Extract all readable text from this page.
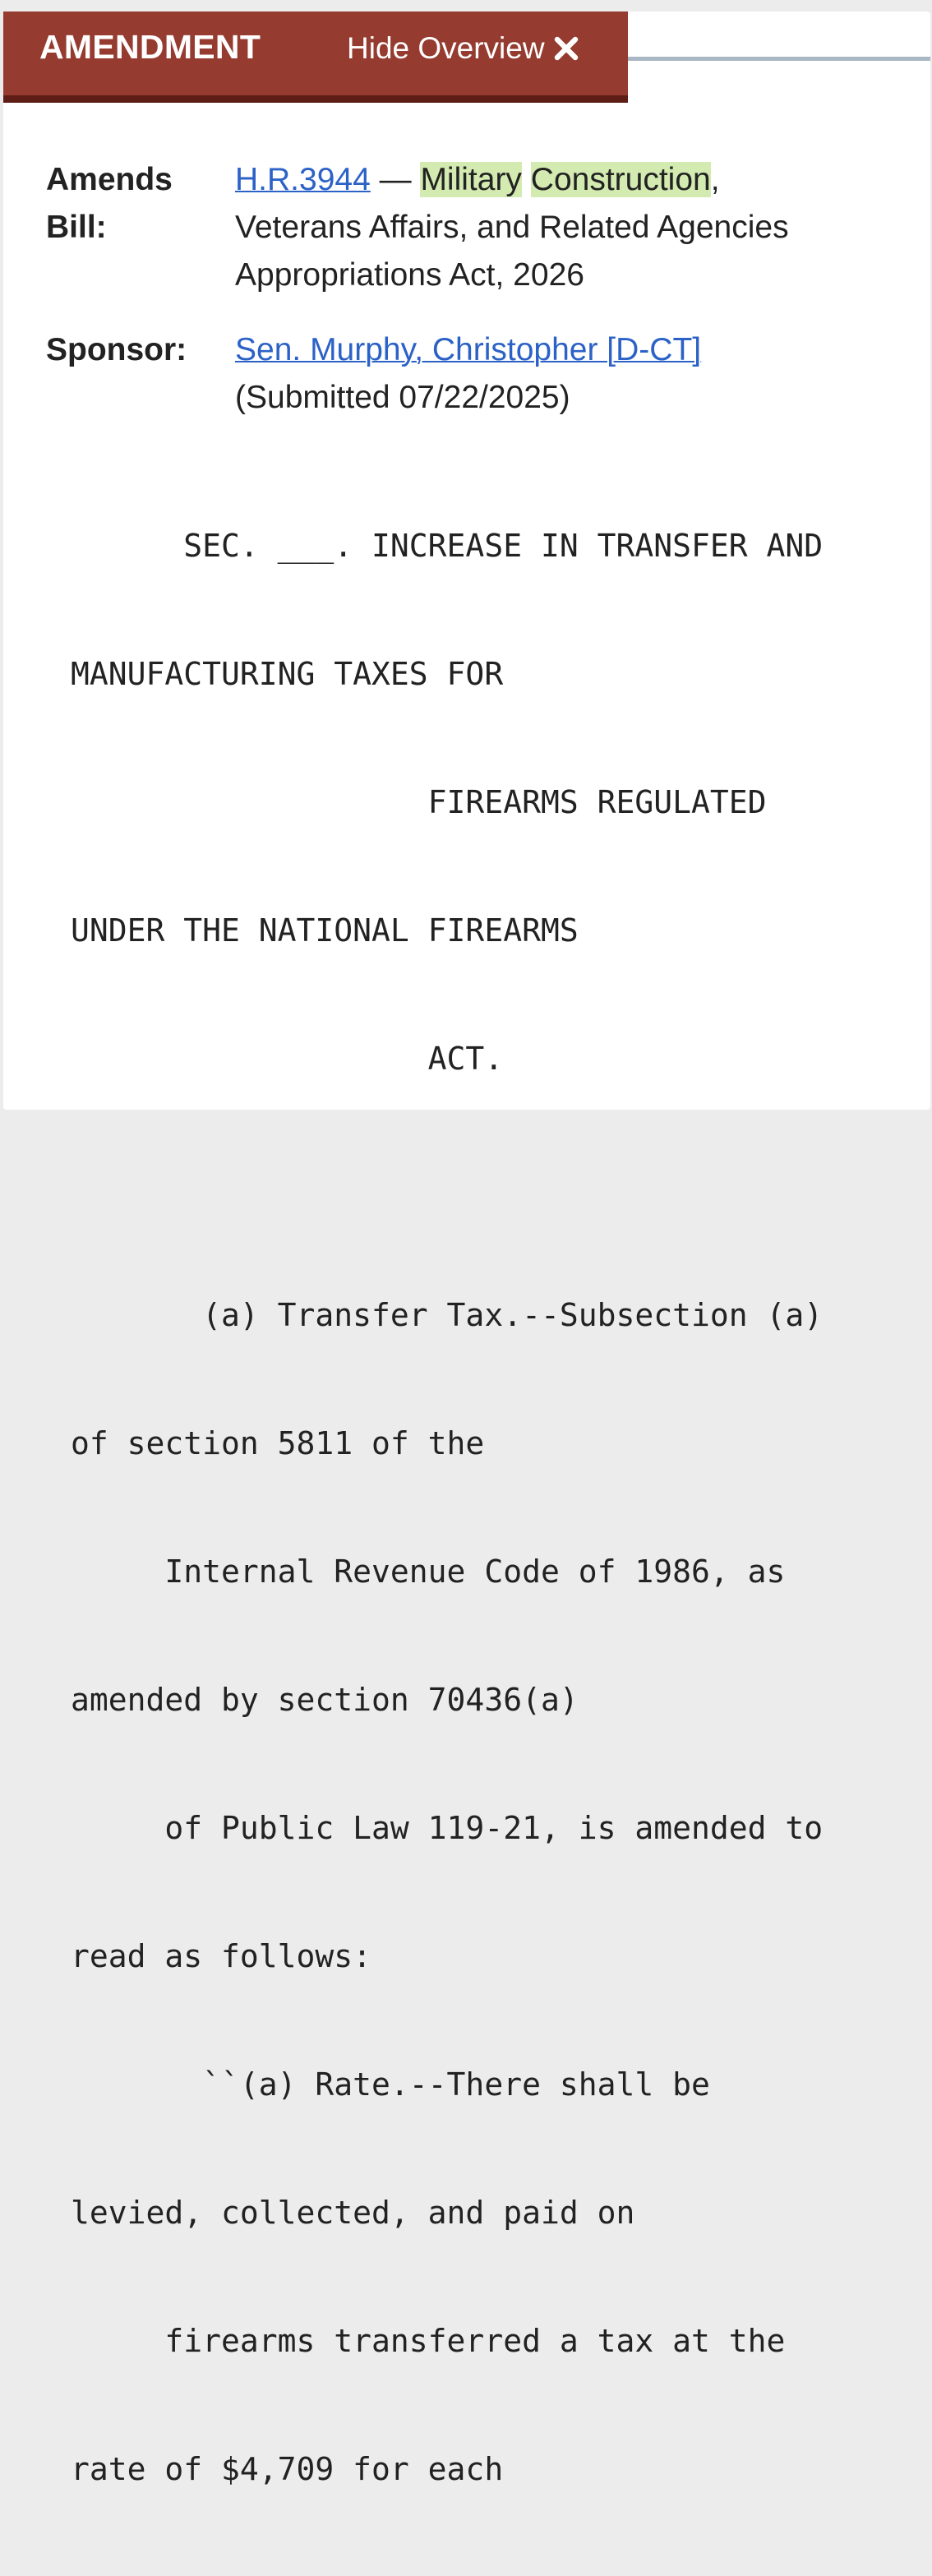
AMENDMENT	Hide Overview
Amends
Bill:
H.R.3944 — Military Construction,
Veterans Affairs, and Related Agencies
Appropriations Act, 2026
Sponsor: Sen. Murphy, Christopher [D-CT]
(Submitted 07/22/2025)

SEC. ___. INCREASE IN TRANSFER AND

MANUFACTURING TAXES FOR

FIREARMS REGULATED

UNDER THE NATIONAL FIREARMS

ACT.

(a) Transfer Tax.--Subsection (a)

of section 5811 of the

Internal Revenue Code of 1986, as

amended by section 70436(a)

of Public Law 119-21, is amended to

read as follows:

``(a) Rate.--There shall be

levied, collected, and paid on

firearms transferred a tax at the

rate of $4,709 for each
